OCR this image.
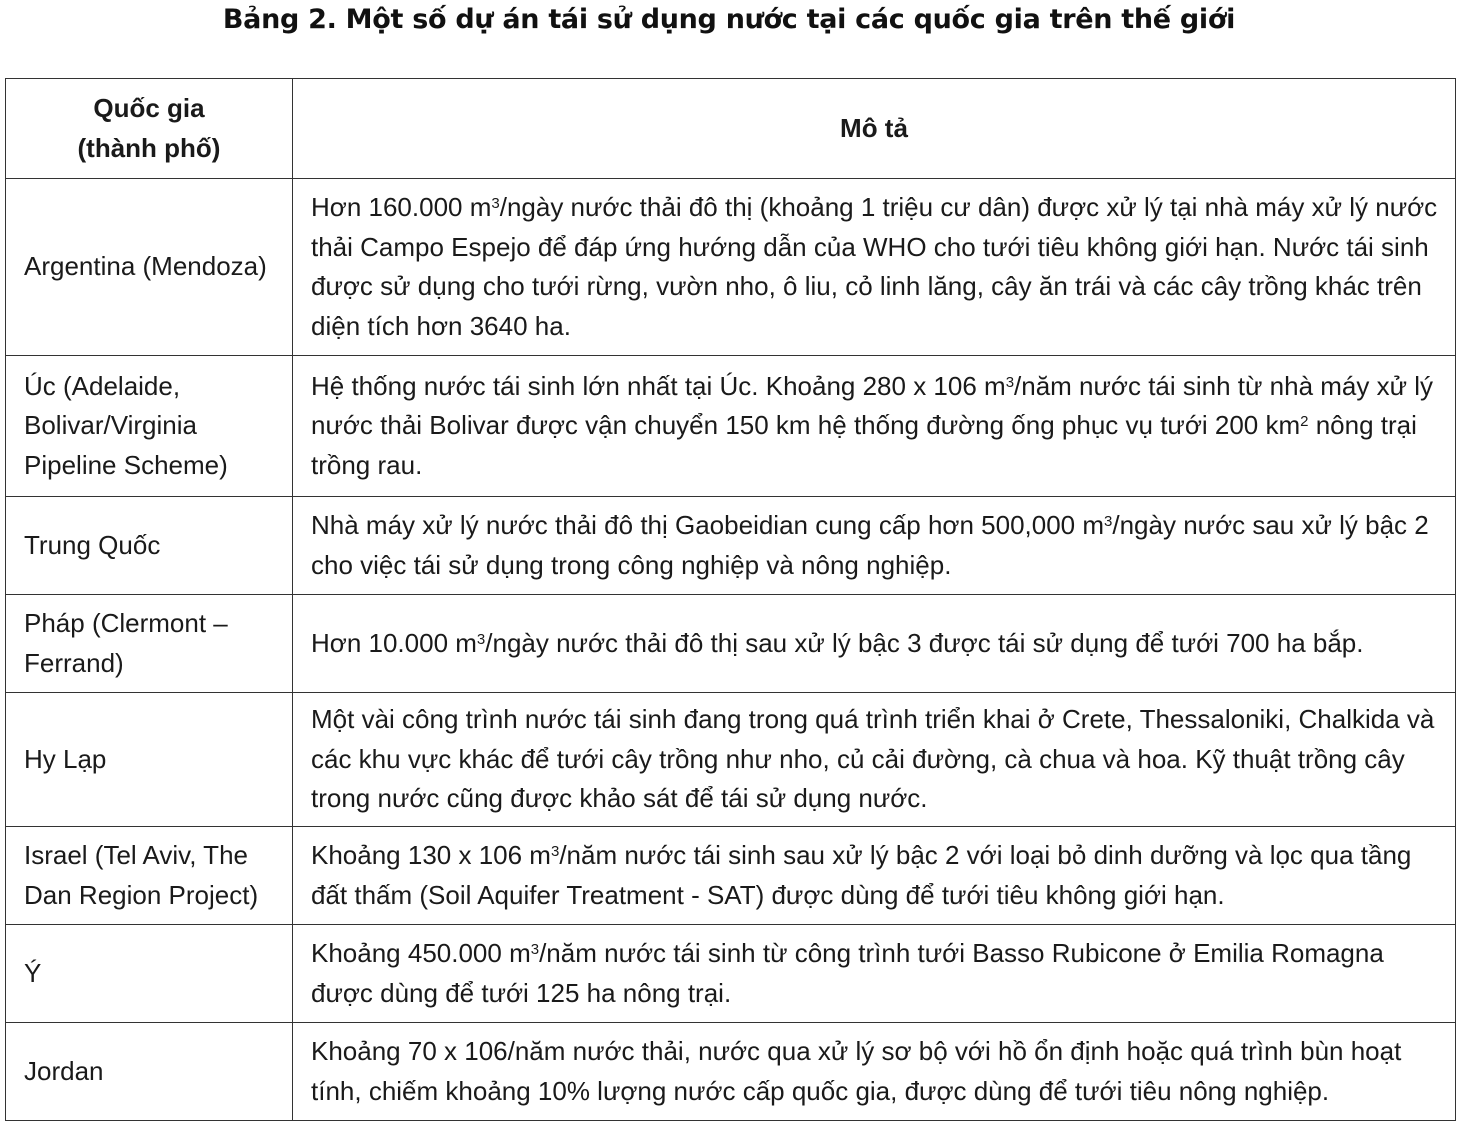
Bảng 2. Một số dự án tái sử dụng nước tại các quốc gia trên thế giới
Quốc gia
(thành phố)	Mô tả
Argentina (Mendoza)	Hơn 160.000 $m^3$/ngày nước thải đô thị (khoảng 1 triệu cư dân) được xử lý tại nhà máy xử lý nước thải Campo Espejo để đáp ứng hướng dẫn của WHO cho tưới tiêu không giới hạn. Nước tái sinh được sử dụng cho tưới rừng, vườn nho, ô liu, cỏ linh lăng, cây ăn trái và các cây trồng khác trên diện tích hơn 3640 ha.
Úc (Adelaide, Bolivar/Virginia Pipeline Scheme)	Hệ thống nước tái sinh lớn nhất tại Úc. Khoảng 280 x 106 $m^3$/năm nước tái sinh từ nhà máy xử lý nước thải Bolivar được vận chuyển 150 km hệ thống đường ống phục vụ tưới 200 $km^2$ nông trại trồng rau.
Trung Quốc	Nhà máy xử lý nước thải đô thị Gaobeidian cung cấp hơn 500,000 $m^3$/ngày nước sau xử lý bậc 2 cho việc tái sử dụng trong công nghiệp và nông nghiệp.
Pháp (Clermont – Ferrand)	Hơn 10.000 $m^3$/ngày nước thải đô thị sau xử lý bậc 3 được tái sử dụng để tưới 700 ha bắp.
Hy Lạp	Một vài công trình nước tái sinh đang trong quá trình triển khai ở Crete, Thessaloniki, Chalkida và các khu vực khác để tưới cây trồng như nho, củ cải đường, cà chua và hoa. Kỹ thuật trồng cây trong nước cũng được khảo sát để tái sử dụng nước.
Israel (Tel Aviv, The Dan Region Project)	Khoảng 130 x 106 $m^3$/năm nước tái sinh sau xử lý bậc 2 với loại bỏ dinh dưỡng và lọc qua tầng đất thấm (Soil Aquifer Treatment - SAT) được dùng để tưới tiêu không giới hạn.
Ý	Khoảng 450.000 $m^3$/năm nước tái sinh từ công trình tưới Basso Rubicone ở Emilia Romagna được dùng để tưới 125 ha nông trại.
Jordan	Khoảng 70 x 106/năm nước thải, nước qua xử lý sơ bộ với hồ ổn định hoặc quá trình bùn hoạt tính, chiếm khoảng 10% lượng nước cấp quốc gia, được dùng để tưới tiêu nông nghiệp.
